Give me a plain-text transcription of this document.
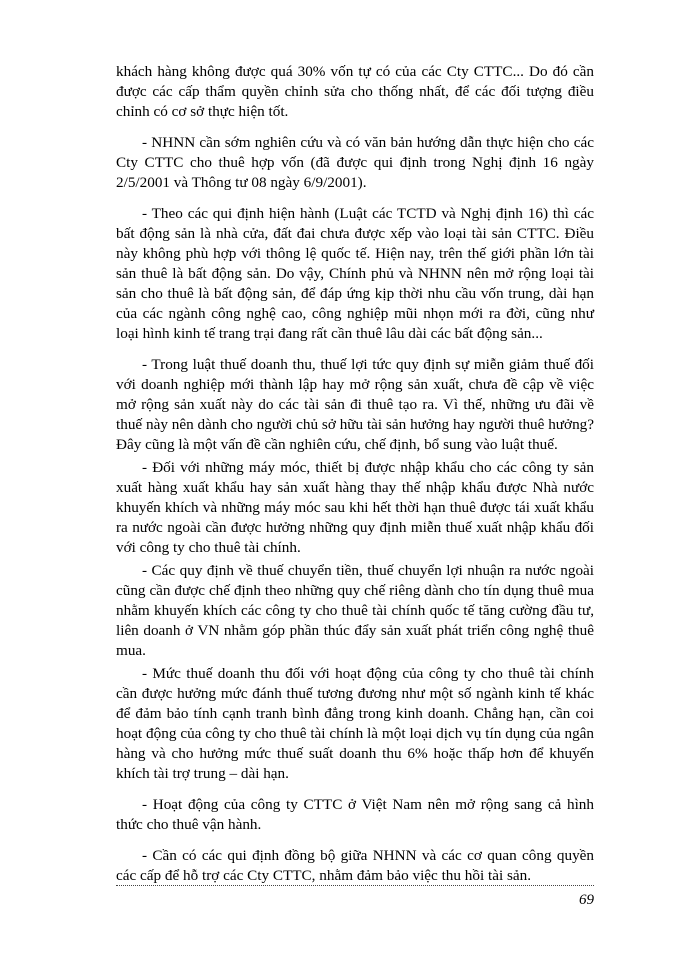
khách hàng không được quá 30% vốn tự có của các Cty CTTC... Do đó cần được các cấp thẩm quyền chỉnh sửa cho thống nhất, để các đối tượng điều chỉnh có cơ sở thực hiện tốt.

- NHNN cần sớm nghiên cứu và có văn bản hướng dẫn thực hiện cho các Cty CTTC cho thuê hợp vốn (đã được qui định trong Nghị định 16 ngày 2/5/2001 và Thông tư 08 ngày 6/9/2001).

- Theo các qui định hiện hành (Luật các TCTD và Nghị định 16) thì các bất động sản là nhà cửa, đất đai chưa được xếp vào loại tài sản CTTC. Điều này không phù hợp với thông lệ quốc tế. Hiện nay, trên thế giới phần lớn tài sản thuê là bất động sản. Do vậy, Chính phủ và NHNN nên mở rộng loại tài sản cho thuê là bất động sản, để đáp ứng kịp thời nhu cầu vốn trung, dài hạn của các ngành công nghệ cao, công nghiệp mũi nhọn mới ra đời, cũng như loại hình kinh tế trang trại đang rất cần thuê lâu dài các bất động sản...

- Trong luật thuế doanh thu, thuế lợi tức quy định sự miễn giảm thuế đối với doanh nghiệp mới thành lập hay mở rộng sản xuất, chưa đề cập về việc mở rộng sản xuất này do các tài sản đi thuê tạo ra. Vì thế, những ưu đãi về thuế này nên dành cho người chủ sở hữu tài sản hưởng hay người thuê hưởng? Đây cũng là một vấn đề cần nghiên cứu, chế định, bổ sung vào luật thuế.

- Đối với những máy móc, thiết bị được nhập khẩu cho các công ty sản xuất hàng xuất khẩu hay sản xuất hàng thay thế nhập khẩu được Nhà nước khuyến khích và những máy móc sau khi hết thời hạn thuê được tái xuất khẩu ra nước ngoài cần được hưởng những quy định miễn thuế xuất nhập khẩu đối với công ty cho thuê tài chính.

- Các quy định về thuế chuyển tiền, thuế chuyển lợi nhuận ra nước ngoài cũng cần được chế định theo những quy chế riêng dành cho tín dụng thuê mua nhằm khuyến khích các công ty cho thuê tài chính quốc tế tăng cường đầu tư, liên doanh ở VN nhằm góp phần thúc đẩy sản xuất phát triển công nghệ thuê mua.

- Mức thuế doanh thu đối với hoạt động của công ty cho thuê tài chính cần được hưởng mức đánh thuế tương đương như một số ngành kinh tế khác để đảm bảo tính cạnh tranh bình đẳng trong kinh doanh. Chẳng hạn, cần coi hoạt động của công ty cho thuê tài chính là một loại dịch vụ tín dụng của ngân hàng và cho hưởng mức thuế suất doanh thu 6% hoặc thấp hơn để khuyến khích tài trợ trung – dài hạn.

- Hoạt động của công ty CTTC ở Việt Nam nên mở rộng sang cả hình thức cho thuê vận hành.

- Cần có các qui định đồng bộ giữa NHNN và các cơ quan công quyền các cấp để hỗ trợ các Cty CTTC, nhằm đảm bảo việc thu hồi tài sản.

69
